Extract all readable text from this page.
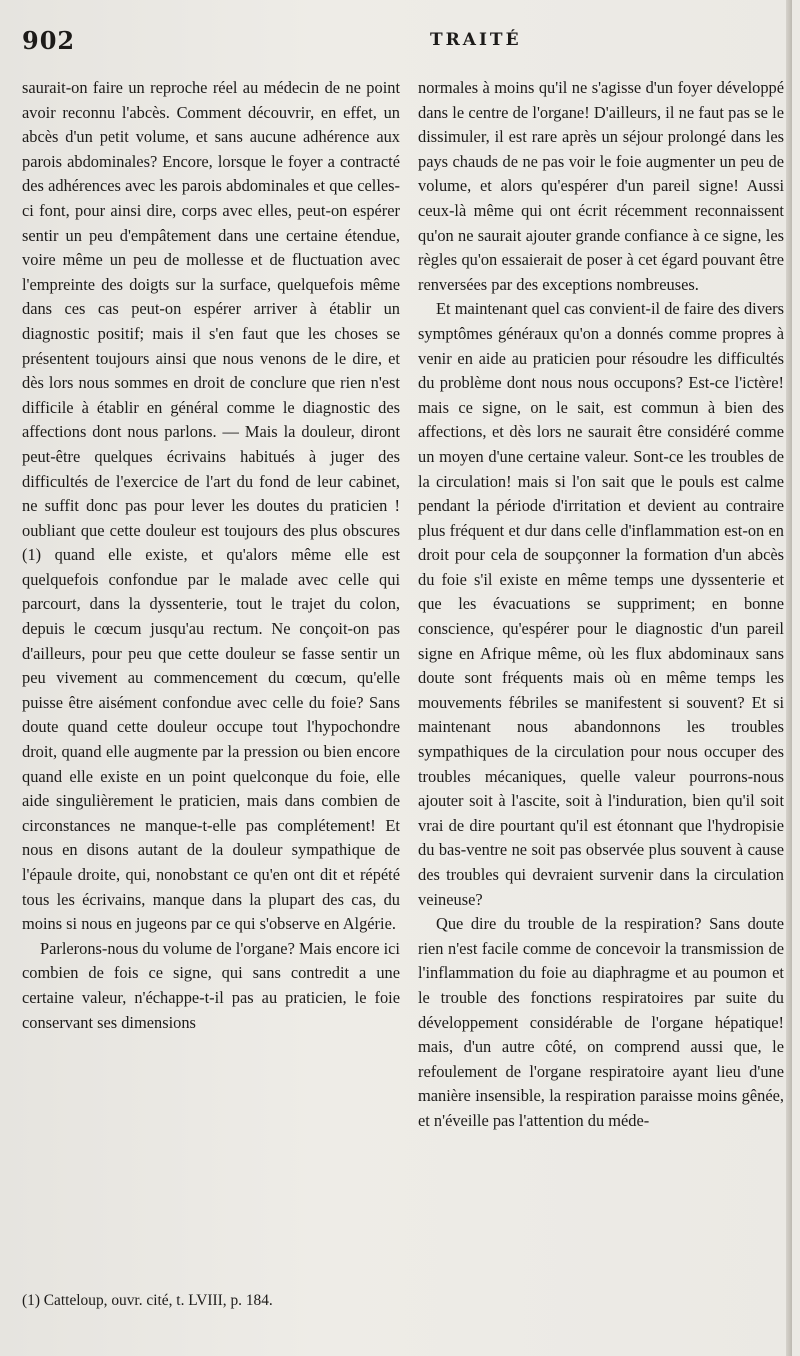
902	TRAITÉ

saurait-on faire un reproche réel au médecin de ne point avoir reconnu l'abcès. Comment découvrir, en effet, un abcès d'un petit volume, et sans aucune adhérence aux parois abdominales? Encore, lorsque le foyer a contracté des adhérences avec les parois abdominales et que celles-ci font, pour ainsi dire, corps avec elles, peut-on espérer sentir un peu d'empâtement dans une certaine étendue, voire même un peu de mollesse et de fluctuation avec l'empreinte des doigts sur la surface, quelquefois même dans ces cas peut-on espérer arriver à établir un diagnostic positif; mais il s'en faut que les choses se présentent toujours ainsi que nous venons de le dire, et dès lors nous sommes en droit de conclure que rien n'est difficile à établir en général comme le diagnostic des affections dont nous parlons. — Mais la douleur, diront peut-être quelques écrivains habitués à juger des difficultés de l'exercice de l'art du fond de leur cabinet, ne suffit donc pas pour lever les doutes du praticien ! oubliant que cette douleur est toujours des plus obscures (1) quand elle existe, et qu'alors même elle est quelquefois confondue par le malade avec celle qui parcourt, dans la dyssenterie, tout le trajet du colon, depuis le cœcum jusqu'au rectum. Ne conçoit-on pas d'ailleurs, pour peu que cette douleur se fasse sentir un peu vivement au commencement du cœcum, qu'elle puisse être aisément confondue avec celle du foie? Sans doute quand cette douleur occupe tout l'hypochondre droit, quand elle augmente par la pression ou bien encore quand elle existe en un point quelconque du foie, elle aide singulièrement le praticien, mais dans combien de circonstances ne manque-t-elle pas complétement! Et nous en disons autant de la douleur sympathique de l'épaule droite, qui, nonobstant ce qu'en ont dit et répété tous les écrivains, manque dans la plupart des cas, du moins si nous en jugeons par ce qui s'observe en Algérie.

Parlerons-nous du volume de l'organe? Mais encore ici combien de fois ce signe, qui sans contredit a une certaine valeur, n'échappe-t-il pas au praticien, le foie conservant ses dimensions

(1) Catteloup, ouvr. cité, t. LVIII, p. 184.

normales à moins qu'il ne s'agisse d'un foyer développé dans le centre de l'organe! D'ailleurs, il ne faut pas se le dissimuler, il est rare après un séjour prolongé dans les pays chauds de ne pas voir le foie augmenter un peu de volume, et alors qu'espérer d'un pareil signe! Aussi ceux-là même qui ont écrit récemment reconnaissent qu'on ne saurait ajouter grande confiance à ce signe, les règles qu'on essaierait de poser à cet égard pouvant être renversées par des exceptions nombreuses.

Et maintenant quel cas convient-il de faire des divers symptômes généraux qu'on a donnés comme propres à venir en aide au praticien pour résoudre les difficultés du problème dont nous nous occupons? Est-ce l'ictère! mais ce signe, on le sait, est commun à bien des affections, et dès lors ne saurait être considéré comme un moyen d'une certaine valeur. Sont-ce les troubles de la circulation! mais si l'on sait que le pouls est calme pendant la période d'irritation et devient au contraire plus fréquent et dur dans celle d'inflammation est-on en droit pour cela de soupçonner la formation d'un abcès du foie s'il existe en même temps une dyssenterie et que les évacuations se suppriment; en bonne conscience, qu'espérer pour le diagnostic d'un pareil signe en Afrique même, où les flux abdominaux sans doute sont fréquents mais où en même temps les mouvements fébriles se manifestent si souvent? Et si maintenant nous abandonnons les troubles sympathiques de la circulation pour nous occuper des troubles mécaniques, quelle valeur pourrons-nous ajouter soit à l'ascite, soit à l'induration, bien qu'il soit vrai de dire pourtant qu'il est étonnant que l'hydropisie du bas-ventre ne soit pas observée plus souvent à cause des troubles qui devraient survenir dans la circulation veineuse?

Que dire du trouble de la respiration? Sans doute rien n'est facile comme de concevoir la transmission de l'inflammation du foie au diaphragme et au poumon et le trouble des fonctions respiratoires par suite du développement considérable de l'organe hépatique! mais, d'un autre côté, on comprend aussi que, le refoulement de l'organe respiratoire ayant lieu d'une manière insensible, la respiration paraisse moins gênée, et n'éveille pas l'attention du méde-
